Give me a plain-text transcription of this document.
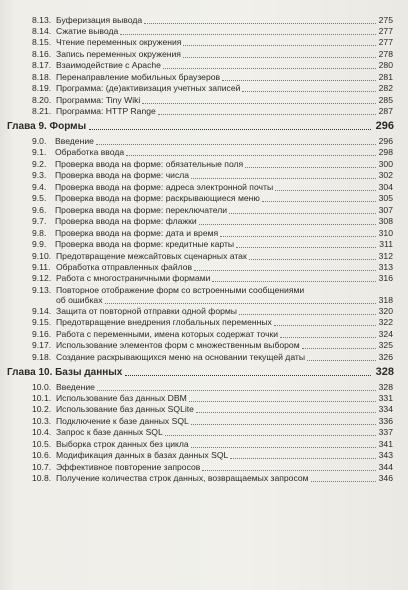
8.13. Буферизация вывода	275
8.14. Сжатие вывода	277
8.15. Чтение переменных окружения	277
8.16. Запись переменных окружения	278
8.17. Взаимодействие с Apache	280
8.18. Перенаправление мобильных браузеров	281
8.19. Программа: (де)активизация учетных записей	282
8.20. Программа: Tiny Wiki	285
8.21. Программа: HTTP Range	287
Глава 9. Формы	296
9.0. Введение	296
9.1. Обработка ввода	298
9.2. Проверка ввода на форме: обязательные поля	300
9.3. Проверка ввода на форме: числа	302
9.4. Проверка ввода на форме: адреса электронной почты	304
9.5. Проверка ввода на форме: раскрывающиеся меню	305
9.6. Проверка ввода на форме: переключатели	307
9.7. Проверка ввода на форме: флажки	308
9.8. Проверка ввода на форме: дата и время	310
9.9. Проверка ввода на форме: кредитные карты	311
9.10. Предотвращение межсайтовых сценарных атак	312
9.11. Обработка отправленных файлов	313
9.12. Работа с многостраничными формами	316
9.13. Повторное отображение форм со встроенными сообщениями
об ошибках	318
9.14. Защита от повторной отправки одной формы	320
9.15. Предотвращение внедрения глобальных переменных	322
9.16. Работа с переменными, имена которых содержат точки	324
9.17. Использование элементов форм с множественным выбором	325
9.18. Создание раскрывающихся меню на основании текущей даты	326
Глава 10. Базы данных	328
10.0. Введение	328
10.1. Использование баз данных DBM	331
10.2. Использование баз данных SQLite	334
10.3. Подключение к базе данных SQL	336
10.4. Запрос к базе данных SQL	337
10.5. Выборка строк данных без цикла	341
10.6. Модификация данных в базах данных SQL	343
10.7. Эффективное повторение запросов	344
10.8. Получение количества строк данных, возвращаемых запросом	346
